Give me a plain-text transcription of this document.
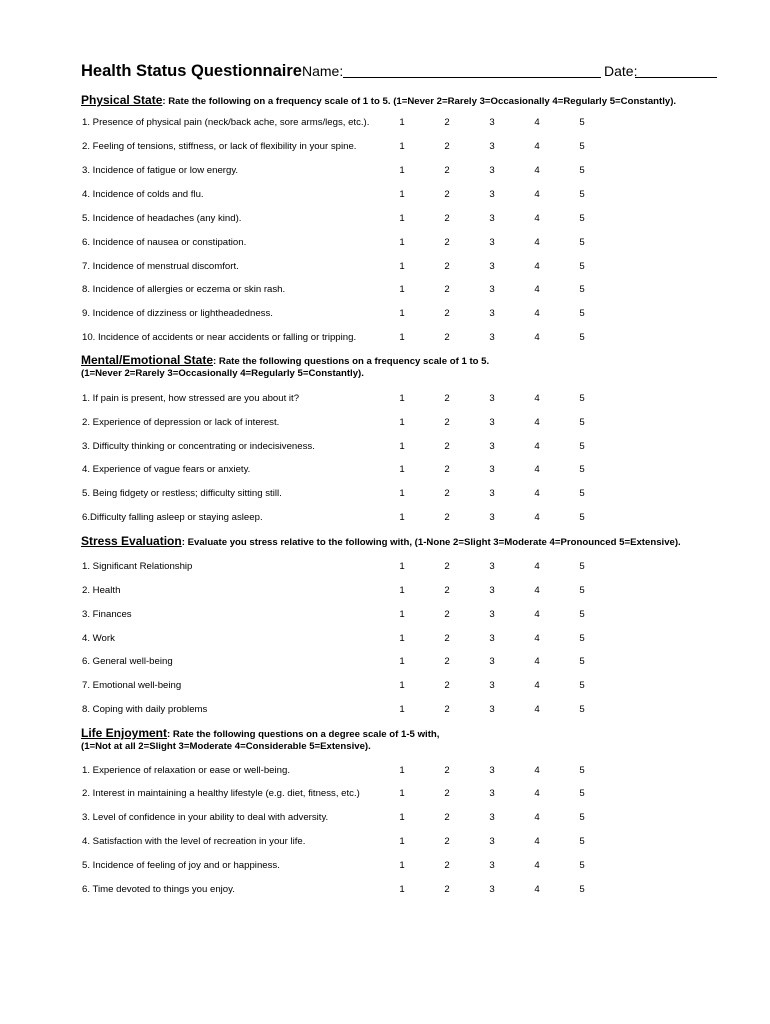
Health Status Questionnaire Name:	Date:
Physical State: Rate the following on a frequency scale of 1 to 5. (1=Never 2=Rarely 3=Occasionally 4=Regularly 5=Constantly).
1. Presence of physical pain (neck/back ache, sore arms/legs, etc.).	1	2	3	4	5
2. Feeling of tensions, stiffness, or lack of flexibility in your spine.	1	2	3	4	5
3. Incidence of fatigue or low energy.	1	2	3	4	5
4. Incidence of colds and flu.	1	2	3	4	5
5. Incidence of headaches (any kind).	1	2	3	4	5
6. Incidence of nausea or constipation.	1	2	3	4	5
7. Incidence of menstrual discomfort.	1	2	3	4	5
8. Incidence of allergies or eczema or skin rash.	1	2	3	4	5
9. Incidence of dizziness or lightheadedness.	1	2	3	4	5
10. Incidence of accidents or near accidents or falling or tripping.	1	2	3	4	5
Mental/Emotional State: Rate the following questions on a frequency scale of 1 to 5.
(1=Never 2=Rarely 3=Occasionally 4=Regularly 5=Constantly).
1. If pain is present, how stressed are you about it?	1	2	3	4	5
2. Experience of depression or lack of interest.	1	2	3	4	5
3. Difficulty thinking or concentrating or indecisiveness.	1	2	3	4	5
4. Experience of vague fears or anxiety.	1	2	3	4	5
5. Being fidgety or restless; difficulty sitting still.	1	2	3	4	5
6.Difficulty falling asleep or staying asleep.	1	2	3	4	5
Stress Evaluation: Evaluate you stress relative to the following with, (1-None 2=Slight 3=Moderate 4=Pronounced 5=Extensive).
1. Significant Relationship	1	2	3	4	5
2. Health	1	2	3	4	5
3. Finances	1	2	3	4	5
4. Work	1	2	3	4	5
6. General well-being	1	2	3	4	5
7. Emotional well-being	1	2	3	4	5
8. Coping with daily problems	1	2	3	4	5
Life Enjoyment: Rate the following questions on a degree scale of 1-5 with,
(1=Not at all 2=Slight 3=Moderate 4=Considerable 5=Extensive).
1. Experience of relaxation or ease or well-being.	1	2	3	4	5
2. Interest in maintaining a healthy lifestyle (e.g. diet, fitness, etc.)	1	2	3	4	5
3. Level of confidence in your ability to deal with adversity.	1	2	3	4	5
4. Satisfaction with the level of recreation in your life.	1	2	3	4	5
5. Incidence of feeling of joy and or happiness.	1	2	3	4	5
6. Time devoted to things you enjoy.	1	2	3	4	5
